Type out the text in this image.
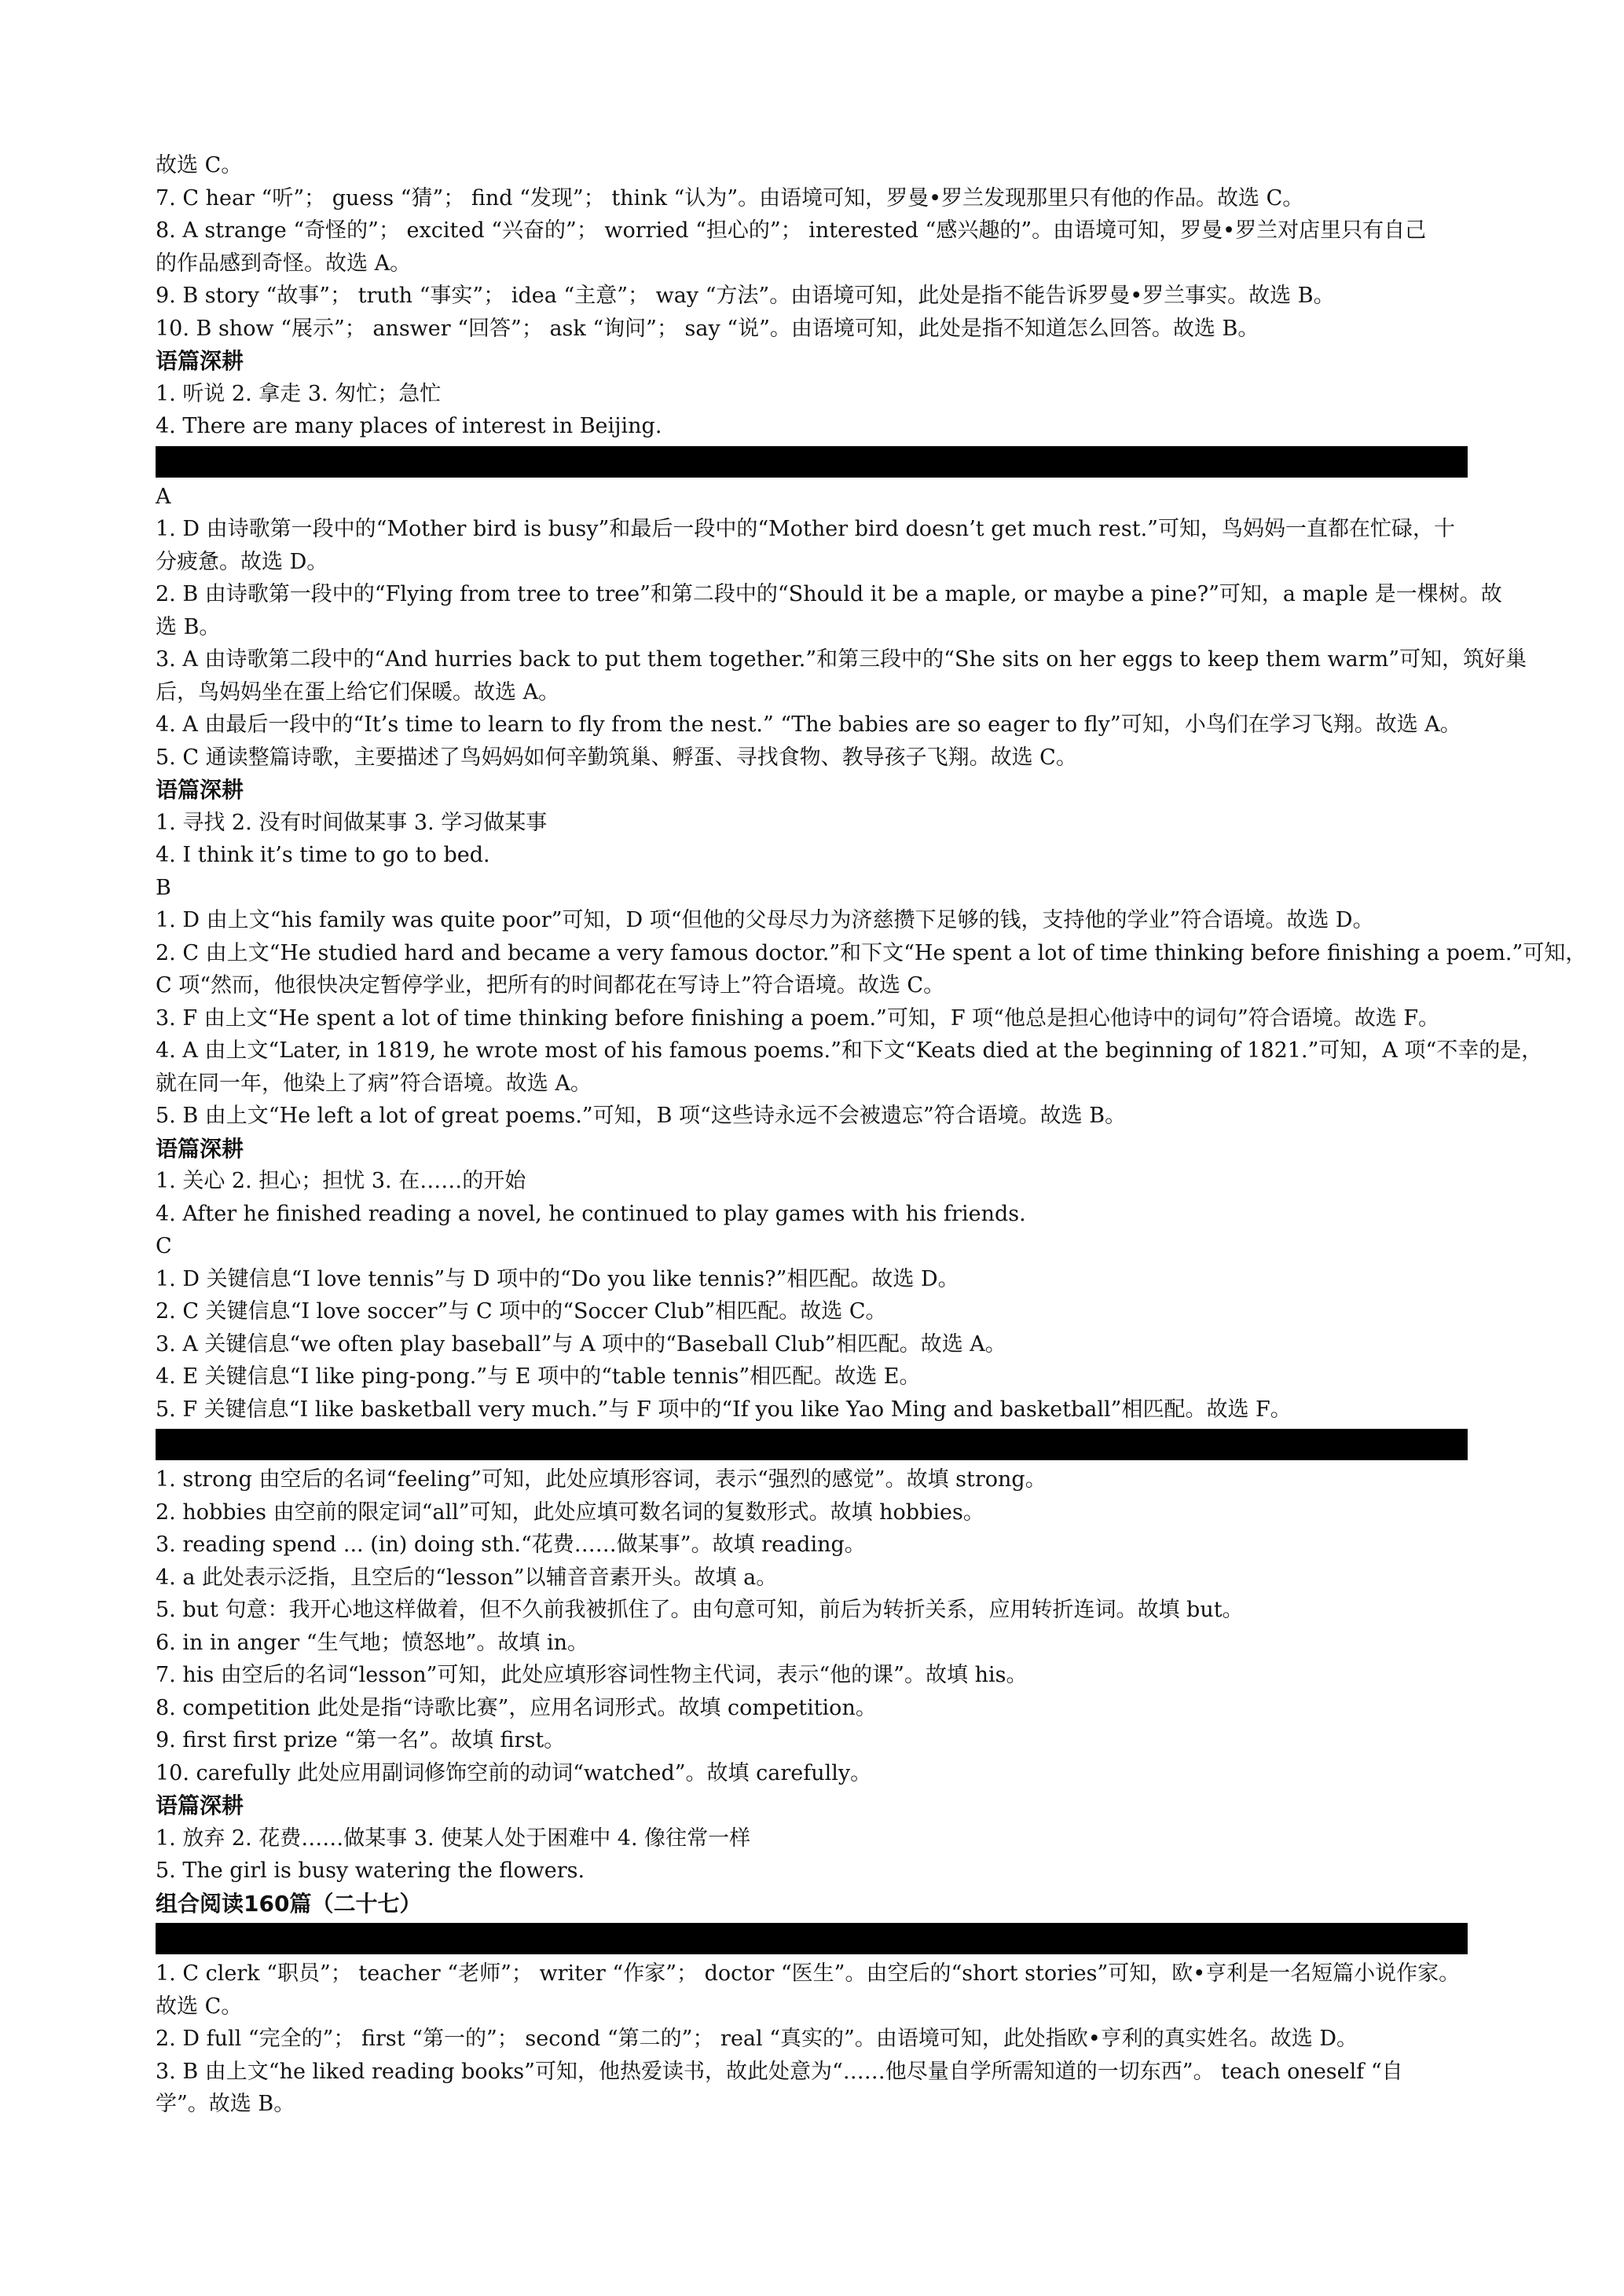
故选 C。
7. C hear “听”； guess “猜”； find “发现”； think “认为”。由语境可知，罗曼•罗兰发现那里只有他的作品。故选 C。
8. A strange “奇怪的”； excited “兴奋的”； worried “担心的”； interested “感兴趣的”。由语境可知，罗曼•罗兰对店里只有自己
的作品感到奇怪。故选 A。
9. B story “故事”； truth “事实”； idea “主意”； way “方法”。由语境可知，此处是指不能告诉罗曼•罗兰事实。故选 B。
10. B show “展示”； answer “回答”； ask “询问”； say “说”。由语境可知，此处是指不知道怎么回答。故选 B。
语篇深耕
1. 听说 2. 拿走 3. 匆忙；急忙
4. There are many places of interest in Beijing.
A
1. D 由诗歌第一段中的“Mother bird is busy”和最后一段中的“Mother bird doesn’t get much rest.”可知，鸟妈妈一直都在忙碌，十
分疲惫。故选 D。
2. B 由诗歌第一段中的“Flying from tree to tree”和第二段中的“Should it be a maple, or maybe a pine?”可知，a maple 是一棵树。故
选 B。
3. A 由诗歌第二段中的“And hurries back to put them together.”和第三段中的“She sits on her eggs to keep them warm”可知，筑好巢
后，鸟妈妈坐在蛋上给它们保暖。故选 A。
4. A 由最后一段中的“It’s time to learn to fly from the nest.” “The babies are so eager to fly”可知，小鸟们在学习飞翔。故选 A。
5. C 通读整篇诗歌，主要描述了鸟妈妈如何辛勤筑巢、孵蛋、寻找食物、教导孩子飞翔。故选 C。
语篇深耕
1. 寻找 2. 没有时间做某事 3. 学习做某事
4. I think it’s time to go to bed.
B
1. D 由上文“his family was quite poor”可知，D 项“但他的父母尽力为济慈攒下足够的钱，支持他的学业”符合语境。故选 D。
2. C 由上文“He studied hard and became a very famous doctor.”和下文“He spent a lot of time thinking before finishing a poem.”可知，
C 项“然而，他很快决定暂停学业，把所有的时间都花在写诗上”符合语境。故选 C。
3. F 由上文“He spent a lot of time thinking before finishing a poem.”可知，F 项“他总是担心他诗中的词句”符合语境。故选 F。
4. A 由上文“Later, in 1819, he wrote most of his famous poems.”和下文“Keats died at the beginning of 1821.”可知，A 项“不幸的是，
就在同一年，他染上了病”符合语境。故选 A。
5. B 由上文“He left a lot of great poems.”可知，B 项“这些诗永远不会被遗忘”符合语境。故选 B。
语篇深耕
1. 关心 2. 担心；担忧 3. 在……的开始
4. After he finished reading a novel, he continued to play games with his friends.
C
1. D 关键信息“I love tennis”与 D 项中的“Do you like tennis?”相匹配。故选 D。
2. C 关键信息“I love soccer”与 C 项中的“Soccer Club”相匹配。故选 C。
3. A 关键信息“we often play baseball”与 A 项中的“Baseball Club”相匹配。故选 A。
4. E 关键信息“I like ping-pong.”与 E 项中的“table tennis”相匹配。故选 E。
5. F 关键信息“I like basketball very much.”与 F 项中的“If you like Yao Ming and basketball”相匹配。故选 F。
1. strong 由空后的名词“feeling”可知，此处应填形容词，表示“强烈的感觉”。故填 strong。
2. hobbies 由空前的限定词“all”可知，此处应填可数名词的复数形式。故填 hobbies。
3. reading spend ... (in) doing sth.“花费……做某事”。故填 reading。
4. a 此处表示泛指，且空后的“lesson”以辅音音素开头。故填 a。
5. but 句意：我开心地这样做着，但不久前我被抓住了。由句意可知，前后为转折关系，应用转折连词。故填 but。
6. in in anger “生气地；愤怒地”。故填 in。
7. his 由空后的名词“lesson”可知，此处应填形容词性物主代词，表示“他的课”。故填 his。
8. competition 此处是指“诗歌比赛”，应用名词形式。故填 competition。
9. first first prize “第一名”。故填 first。
10. carefully 此处应用副词修饰空前的动词“watched”。故填 carefully。
语篇深耕
1. 放弃 2. 花费……做某事 3. 使某人处于困难中 4. 像往常一样
5. The girl is busy watering the flowers.
组合阅读160篇（二十七）
1. C clerk “职员”； teacher “老师”； writer “作家”； doctor “医生”。由空后的“short stories”可知，欧•亨利是一名短篇小说作家。
故选 C。
2. D full “完全的”； first “第一的”； second “第二的”； real “真实的”。由语境可知，此处指欧•亨利的真实姓名。故选 D。
3. B 由上文“he liked reading books”可知，他热爱读书，故此处意为“……他尽量自学所需知道的一切东西”。 teach oneself “自
学”。故选 B。
